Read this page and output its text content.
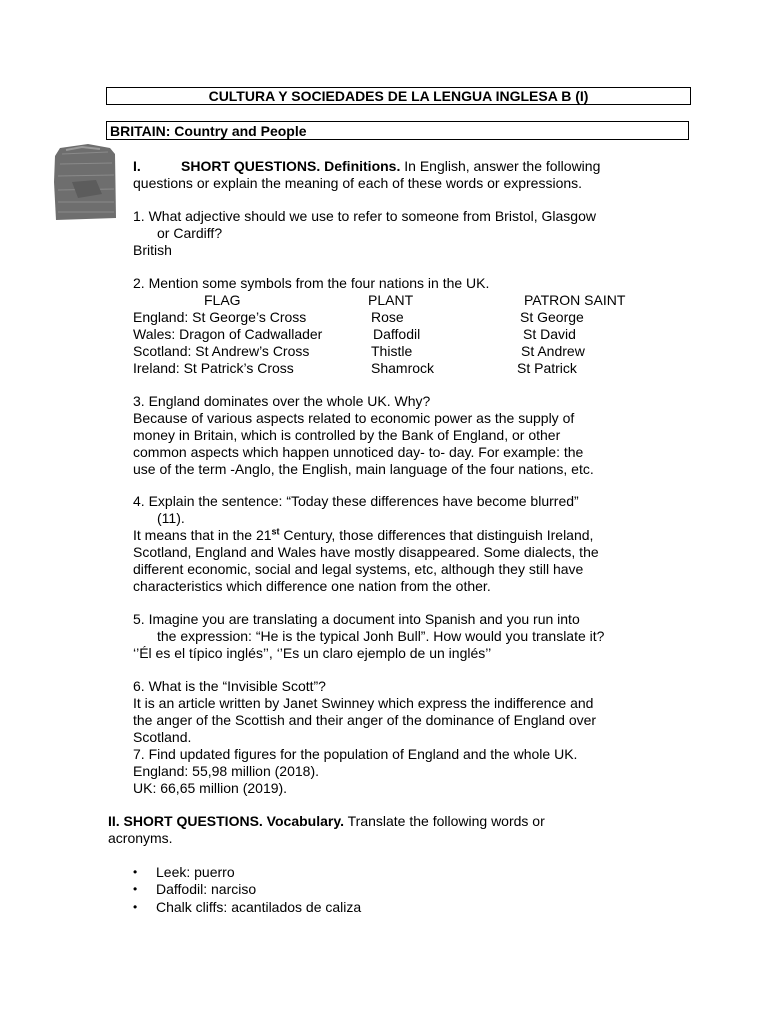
CULTURA Y SOCIEDADES DE LA LENGUA INGLESA B (I)
BRITAIN: Country and People
I.	SHORT QUESTIONS. Definitions. In English, answer the following
questions or explain the meaning of each of these words or expressions.
1. What adjective should we use to refer to someone from Bristol, Glasgow
or Cardiff?
British
2. Mention some symbols from the four nations in the UK.
FLAG	PLANT	PATRON SAINT
England: St George’s Cross	Rose	St George
Wales: Dragon of Cadwallader	Daffodil	St David
Scotland: St Andrew’s Cross	Thistle	St Andrew
Ireland: St Patrick’s Cross	Shamrock	St Patrick
3. England dominates over the whole UK. Why?
Because of various aspects related to economic power as the supply of
money in Britain, which is controlled by the Bank of England, or other
common aspects which happen unnoticed day- to- day. For example: the
use of the term -Anglo, the English, main language of the four nations, etc.
4. Explain the sentence: “Today these differences have become blurred”
(11).
It means that in the 21st Century, those differences that distinguish Ireland,
Scotland, England and Wales have mostly disappeared. Some dialects, the
different economic, social and legal systems, etc, although they still have
characteristics which difference one nation from the other.
5. Imagine you are translating a document into Spanish and you run into
the expression: “He is the typical Jonh Bull”. How would you translate it?
‘’Él es el típico inglés’’, ‘’Es un claro ejemplo de un inglés’’
6. What is the “Invisible Scott”?
It is an article written by Janet Swinney which express the indifference and
the anger of the Scottish and their anger of the dominance of England over
Scotland.
7. Find updated figures for the population of England and the whole UK.
England: 55,98 million (2018).
UK: 66,65 million (2019).
II. SHORT QUESTIONS. Vocabulary. Translate the following words or
acronyms.
• Leek: puerro
• Daffodil: narciso
• Chalk cliffs: acantilados de caliza
